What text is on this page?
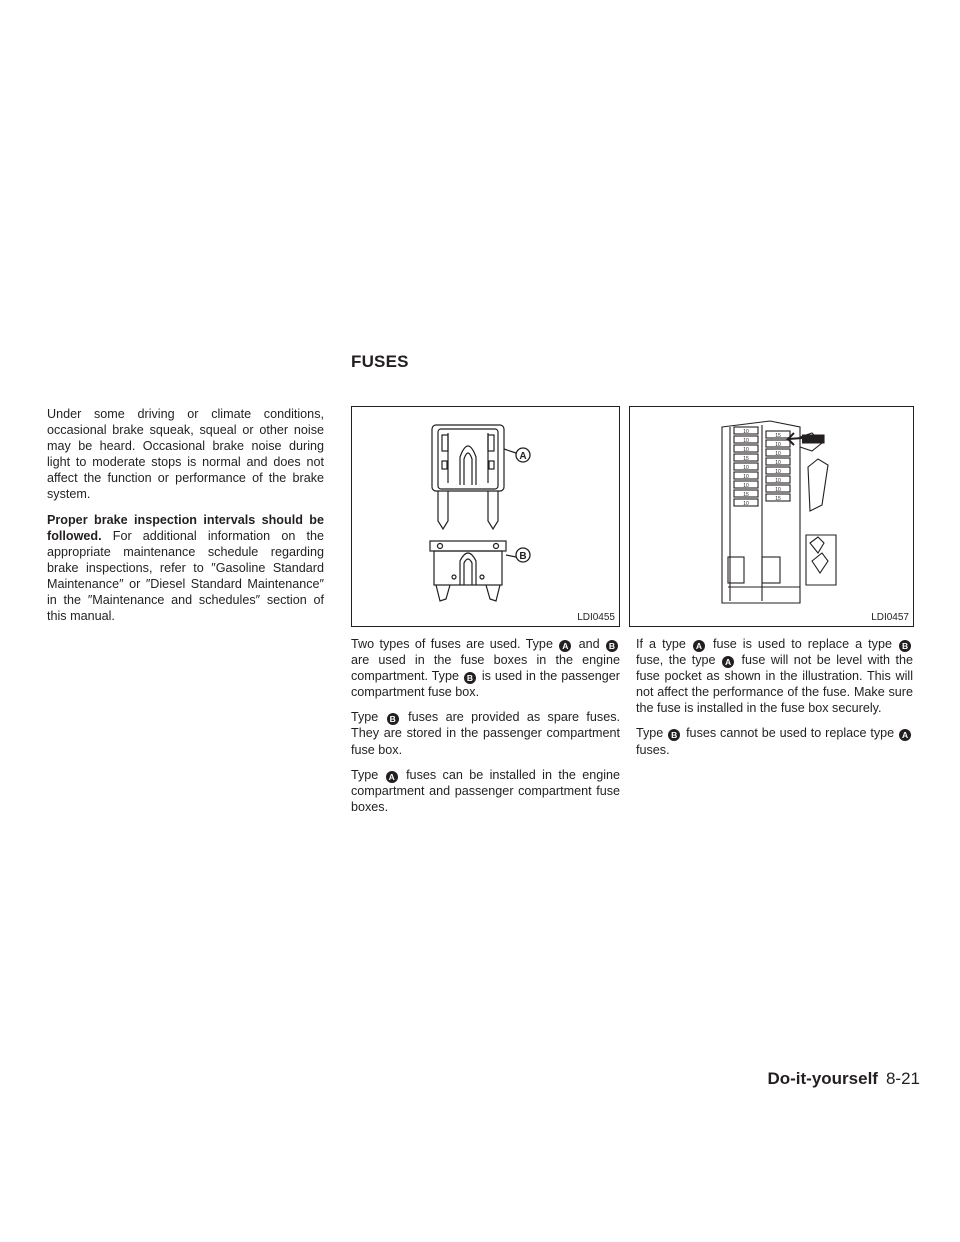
FUSES

Under some driving or climate conditions, occasional brake squeak, squeal or other noise may be heard. Occasional brake noise during light to moderate stops is normal and does not affect the function or performance of the brake system.

Proper brake inspection intervals should be followed. For additional information on the appropriate maintenance schedule regarding brake inspections, refer to ″Gasoline Standard Maintenance″ or ″Diesel Standard Maintenance″ in the ″Maintenance and schedules″ section of this manual.

A
B
LDI0455
10
10
10
15
10
10
10
15
10
15
10
10
10
10
10
10
15
LDI0457

Two types of fuses are used. Type A and B are used in the fuse boxes in the engine compartment. Type B is used in the passenger compartment fuse box.

Type B fuses are provided as spare fuses. They are stored in the passenger compartment fuse box.

Type A fuses can be installed in the engine compartment and passenger compartment fuse boxes.

If a type A fuse is used to replace a type B fuse, the type A fuse will not be level with the fuse pocket as shown in the illustration. This will not affect the performance of the fuse. Make sure the fuse is installed in the fuse box securely.

Type B fuses cannot be used to replace type A fuses.

Do-it-yourself 8-21
